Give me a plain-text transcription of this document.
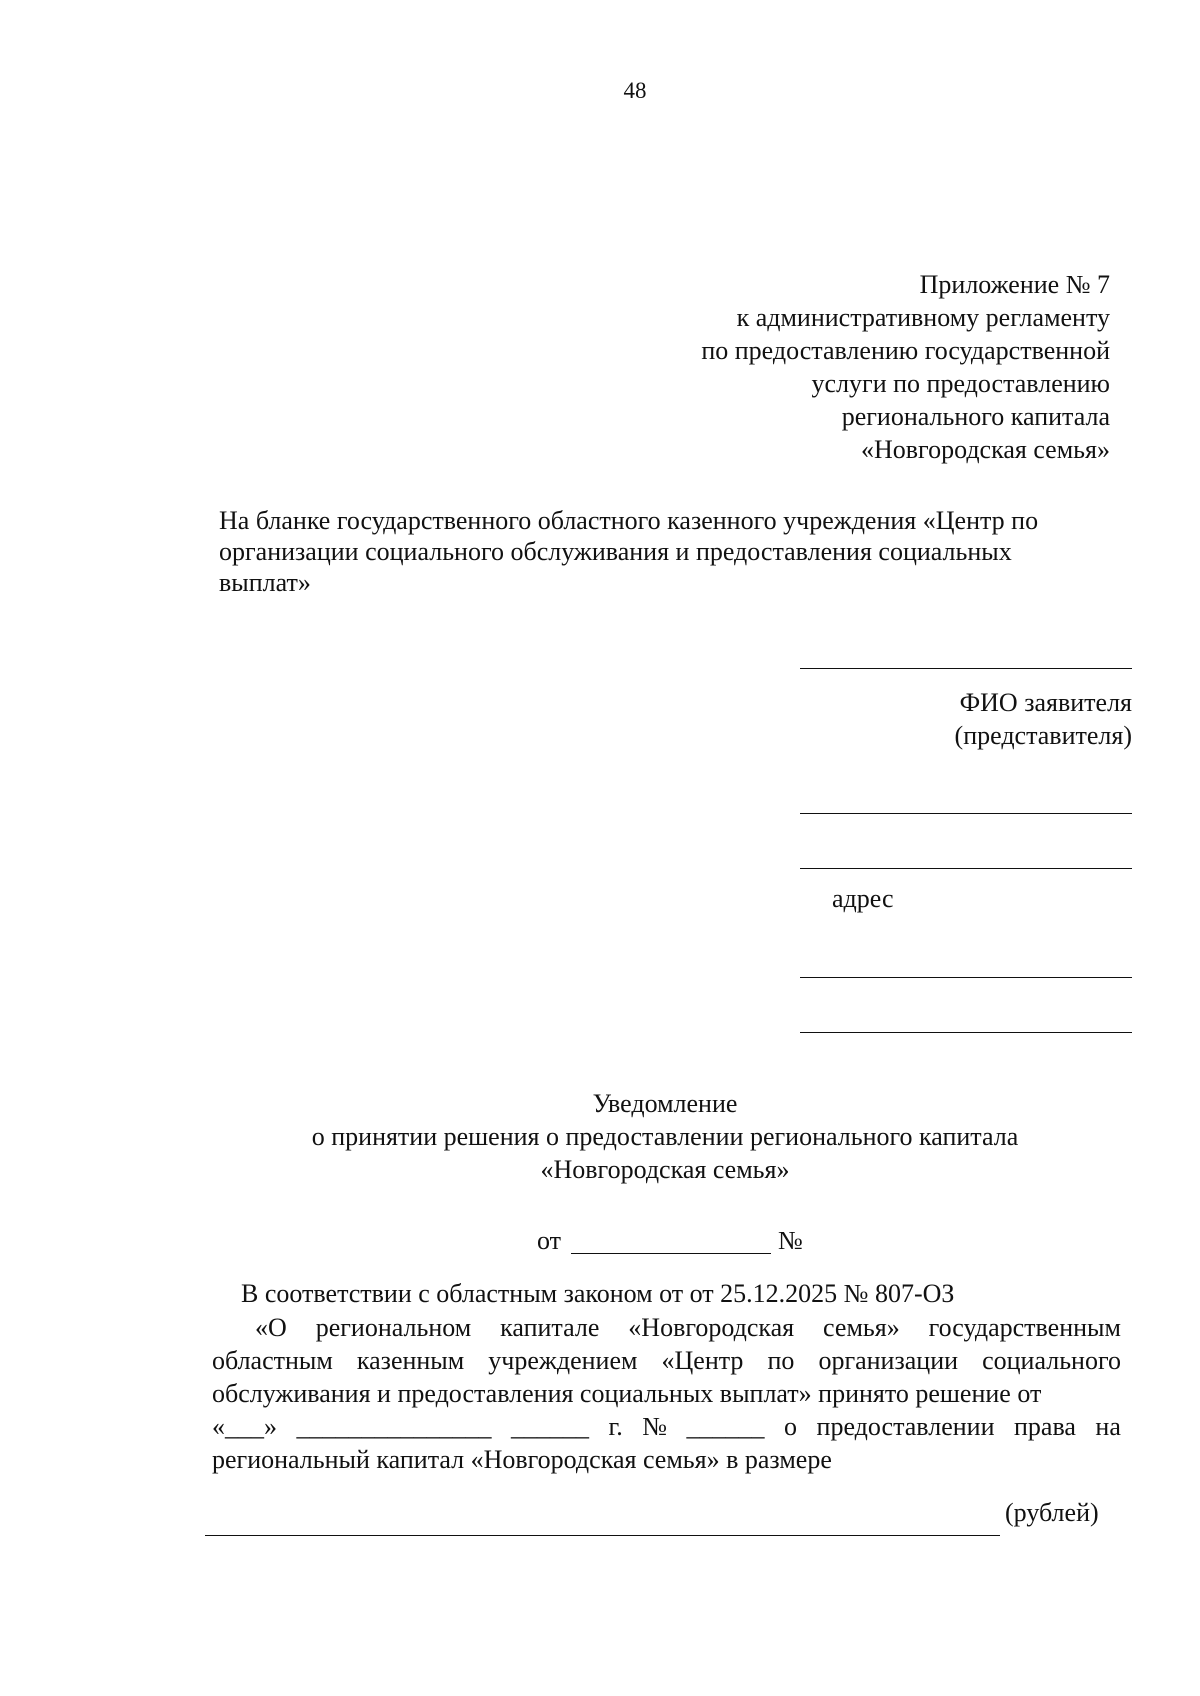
48
Приложение № 7
к административному регламенту
по предоставлению государственной
услуги по предоставлению
регионального капитала
«Новгородская семья»
На бланке государственного областного казенного учреждения «Центр по
организации социального обслуживания и предоставления социальных
выплат»
ФИО заявителя
(представителя)
адрес
Уведомление
о принятии решения о предоставлении регионального капитала
«Новгородская семья»
от	№
В соответствии с областным законом от от 25.12.2025 № 807-ОЗ
«О региональном капитале «Новгородская семья» государственным
областным казенным учреждением «Центр по организации социального
обслуживания и предоставления социальных выплат» принято решение от
«___» _______________ ______ г. № ______ о предоставлении права на
региональный капитал «Новгородская семья» в размере
(рублей)
